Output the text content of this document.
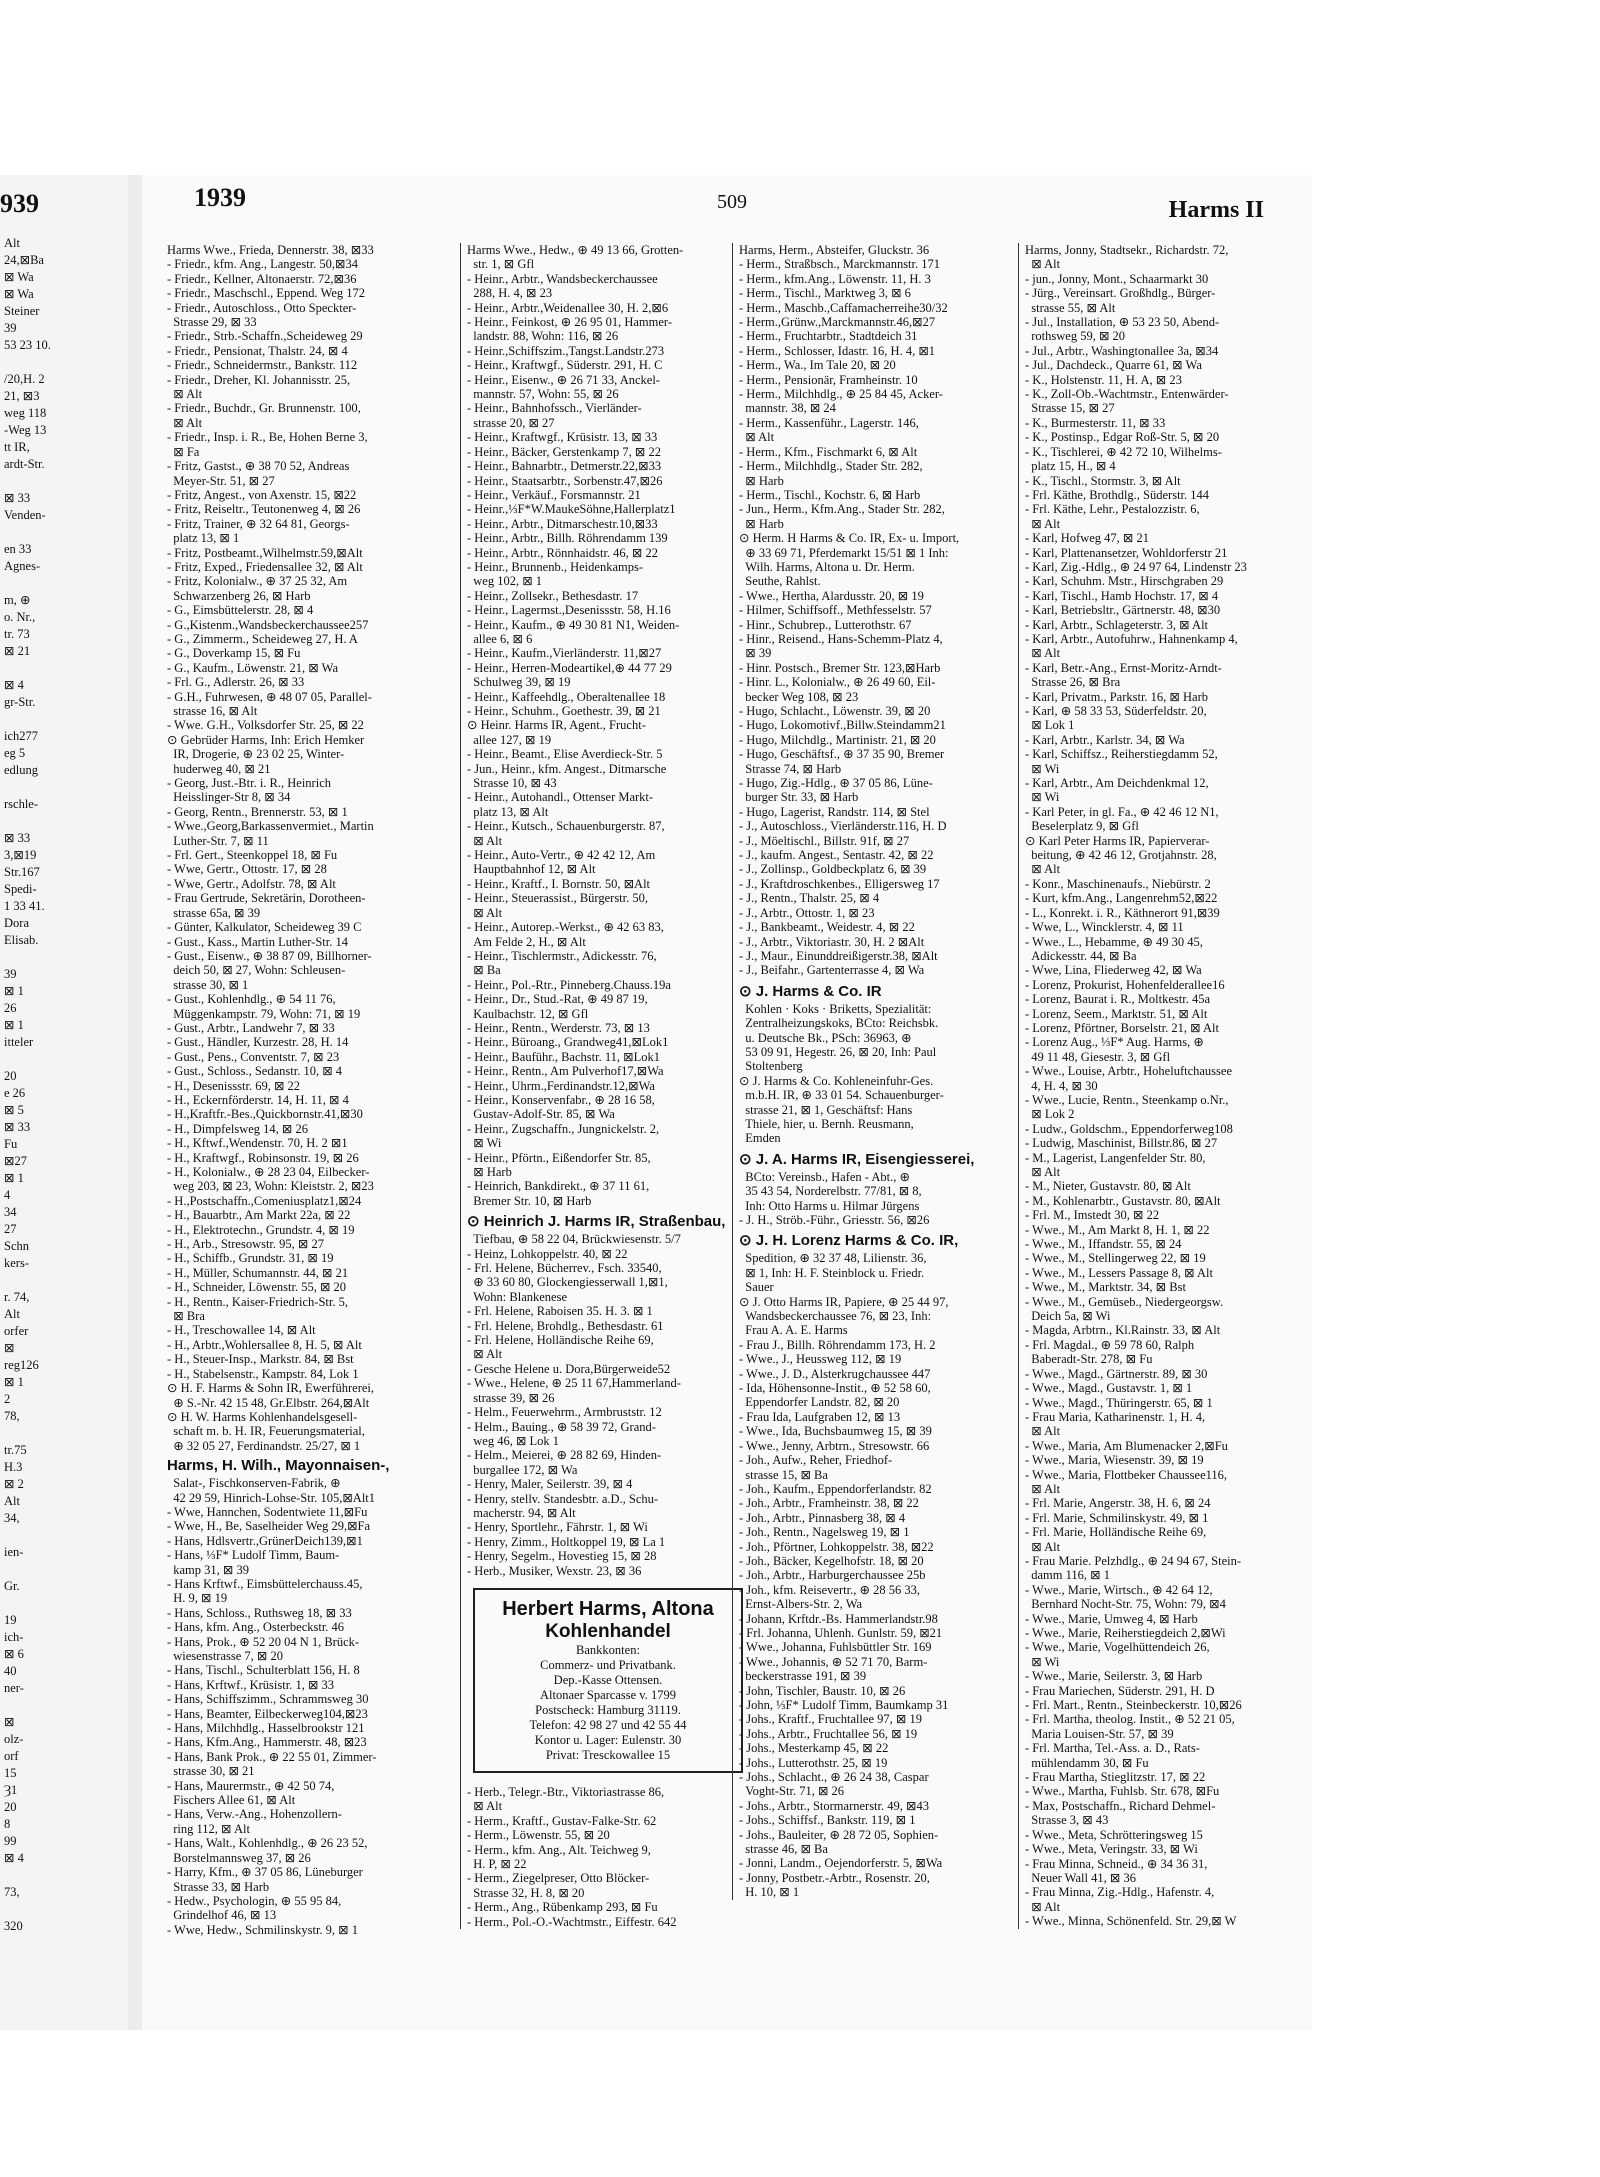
939
Alt
24,⊠Ba
⊠ Wa
⊠ Wa
Steiner
39
53 23 10.

/20,H. 2
21, ⊠3
weg 118
-Weg 13
tt IR,
ardt-Str.

⊠ 33
Venden-

en 33
Agnes-

m, ⊕
o. Nr.,
tr. 73
⊠ 21

⊠ 4
gr-Str.

ich277
eg 5
edlung

rschle-

⊠ 33
3,⊠19
Str.167
Spedi-
1 33 41.
Dora
Elisab.

39
⊠ 1
26
⊠ 1
itteler

20
e 26
⊠ 5
⊠ 33
Fu
⊠27
⊠ 1
4
34
27
Schn
kers-

r. 74,
Alt
orfer
⊠
reg126
⊠ 1
2
78,

tr.75
H.3
⊠ 2
Alt
34,

ien-

Gr.

19
ich-
⊠ 6
40
ner-

⊠
olz-
orf
15
Ȝ1
20
8
99
⊠ 4

73,

320
1939	509	Harms II
Harms Wwe., Frieda, Dennerstr. 38, ⊠33
- Friedr., kfm. Ang., Langestr. 50,⊠34
- Friedr., Kellner, Altonaerstr. 72,⊠36
- Friedr., Maschschl., Eppend. Weg 172
- Friedr., Autoschloss., Otto Speckter-
Strasse 29, ⊠ 33
- Friedr., Strb.-Schaffn.,Scheideweg 29
- Friedr., Pensionat, Thalstr. 24, ⊠ 4
- Friedr., Schneidermstr., Bankstr. 112
- Friedr., Dreher, Kl. Johannisstr. 25,
⊠ Alt
- Friedr., Buchdr., Gr. Brunnenstr. 100,
⊠ Alt
- Friedr., Insp. i. R., Be, Hohen Berne 3,
⊠ Fa
- Fritz, Gastst., ⊕ 38 70 52, Andreas
Meyer-Str. 51, ⊠ 27
- Fritz, Angest., von Axenstr. 15, ⊠22
- Fritz, Reiseltr., Teutonenweg 4, ⊠ 26
- Fritz, Trainer, ⊕ 32 64 81, Georgs-
platz 13, ⊠ 1
- Fritz, Postbeamt.,Wilhelmstr.59,⊠Alt
- Fritz, Exped., Friedensallee 32, ⊠ Alt
- Fritz, Kolonialw., ⊕ 37 25 32, Am
Schwarzenberg 26, ⊠ Harb
- G., Eimsbüttelerstr. 28, ⊠ 4
- G.,Kistenm.,Wandsbeckerchaussee257
- G., Zimmerm., Scheideweg 27, H. A
- G., Doverkamp 15, ⊠ Fu
- G., Kaufm., Löwenstr. 21, ⊠ Wa
- Frl. G., Adlerstr. 26, ⊠ 33
- G.H., Fuhrwesen, ⊕ 48 07 05, Parallel-
strasse 16, ⊠ Alt
- Wwe. G.H., Volksdorfer Str. 25, ⊠ 22
⊙ Gebrüder Harms, Inh: Erich Hemker
IR, Drogerie, ⊕ 23 02 25, Winter-
huderweg 40, ⊠ 21
- Georg, Just.-Btr. i. R., Heinrich
Heisslinger-Str 8, ⊠ 34
- Georg, Rentn., Brennerstr. 53, ⊠ 1
- Wwe.,Georg,Barkassenvermiet., Martin
Luther-Str. 7, ⊠ 11
- Frl. Gert., Steenkoppel 18, ⊠ Fu
- Wwe, Gertr., Ottostr. 17, ⊠ 28
- Wwe, Gertr., Adolfstr. 78, ⊠ Alt
- Frau Gertrude, Sekretärin, Dorotheen-
strasse 65a, ⊠ 39
- Günter, Kalkulator, Scheideweg 39 C
- Gust., Kass., Martin Luther-Str. 14
- Gust., Eisenw., ⊕ 38 87 09, Billhorner-
deich 50, ⊠ 27, Wohn: Schleusen-
strasse 30, ⊠ 1
- Gust., Kohlenhdlg., ⊕ 54 11 76,
Müggenkampstr. 79, Wohn: 71, ⊠ 19
- Gust., Arbtr., Landwehr 7, ⊠ 33
- Gust., Händler, Kurzestr. 28, H. 14
- Gust., Pens., Conventstr. 7, ⊠ 23
- Gust., Schloss., Sedanstr. 10, ⊠ 4
- H., Desenissstr. 69, ⊠ 22
- H., Eckernförderstr. 14, H. 11, ⊠ 4
- H.,Kraftfr.-Bes.,Quickbornstr.41,⊠30
- H., Dimpfelsweg 14, ⊠ 26
- H., Kftwf.,Wendenstr. 70, H. 2 ⊠1
- H., Kraftwgf., Robinsonstr. 19, ⊠ 26
- H., Kolonialw., ⊕ 28 23 04, Eilbecker-
weg 203, ⊠ 23, Wohn: Kleiststr. 2, ⊠23
- H.,Postschaffn.,Comeniusplatz1,⊠24
- H., Bauarbtr., Am Markt 22a, ⊠ 22
- H., Elektrotechn., Grundstr. 4, ⊠ 19
- H., Arb., Stresowstr. 95, ⊠ 27
- H., Schiffb., Grundstr. 31, ⊠ 19
- H., Müller, Schumannstr. 44, ⊠ 21
- H., Schneider, Löwenstr. 55, ⊠ 20
- H., Rentn., Kaiser-Friedrich-Str. 5,
⊠ Bra
- H., Treschowallee 14, ⊠ Alt
- H., Arbtr.,Wohlersallee 8, H. 5, ⊠ Alt
- H., Steuer-Insp., Markstr. 84, ⊠ Bst
- H., Stabelsenstr., Kampstr. 84, Lok 1
⊙ H. F. Harms & Sohn IR, Ewerführerei,
⊕ S.-Nr. 42 15 48, Gr.Elbstr. 264,⊠Alt
⊙ H. W. Harms Kohlenhandelsgesell-
schaft m. b. H. IR, Feuerungsmaterial,
⊕ 32 05 27, Ferdinandstr. 25/27, ⊠ 1
Harms, H. Wilh., Mayonnaisen-,
Salat-, Fischkonserven-Fabrik, ⊕
42 29 59, Hinrich-Lohse-Str. 105,⊠Alt1
- Wwe, Hannchen, Sodentwiete 11,⊠Fu
- Wwe, H., Be, Saselheider Weg 29,⊠Fa
- Hans, Hdlsvertr.,GrünerDeich139,⊠1
- Hans, ⅓F* Ludolf Timm, Baum-
kamp 31, ⊠ 39
- Hans Krftwf., Eimsbüttelerchauss.45,
H. 9, ⊠ 19
- Hans, Schloss., Ruthsweg 18, ⊠ 33
- Hans, kfm. Ang., Osterbeckstr. 46
- Hans, Prok., ⊕ 52 20 04 N 1, Brück-
wiesenstrasse 7, ⊠ 20
- Hans, Tischl., Schulterblatt 156, H. 8
- Hans, Krftwf., Krüsistr. 1, ⊠ 33
- Hans, Schiffszimm., Schrammsweg 30
- Hans, Beamter, Eilbeckerweg104,⊠23
- Hans, Milchhdlg., Hasselbrookstr 121
- Hans, Kfm.Ang., Hammerstr. 48, ⊠23
- Hans, Bank Prok., ⊕ 22 55 01, Zimmer-
strasse 30, ⊠ 21
- Hans, Maurermstr., ⊕ 42 50 74,
Fischers Allee 61, ⊠ Alt
- Hans, Verw.-Ang., Hohenzollern-
ring 112, ⊠ Alt
- Hans, Walt., Kohlenhdlg., ⊕ 26 23 52,
Borstelmannsweg 37, ⊠ 26
- Harry, Kfm., ⊕ 37 05 86, Lüneburger
Strasse 33, ⊠ Harb
- Hedw., Psychologin, ⊕ 55 95 84,
Grindelhof 46, ⊠ 13
- Wwe, Hedw., Schmilinskystr. 9, ⊠ 1
Harms Wwe., Hedw., ⊕ 49 13 66, Grotten-
str. 1, ⊠ Gfl
- Heinr., Arbtr., Wandsbeckerchaussee
288, H. 4, ⊠ 23
- Heinr., Arbtr.,Weidenallee 30, H. 2,⊠6
- Heinr., Feinkost, ⊕ 26 95 01, Hammer-
landstr. 88, Wohn: 116, ⊠ 26
- Heinr.,Schiffszim.,Tangst.Landstr.273
- Heinr., Kraftwgf., Süderstr. 291, H. C
- Heinr., Eisenw., ⊕ 26 71 33, Anckel-
mannstr. 57, Wohn: 55, ⊠ 26
- Heinr., Bahnhofssch., Vierländer-
strasse 20, ⊠ 27
- Heinr., Kraftwgf., Krüsistr. 13, ⊠ 33
- Heinr., Bäcker, Gerstenkamp 7, ⊠ 22
- Heinr., Bahnarbtr., Detmerstr.22,⊠33
- Heinr., Staatsarbtr., Sorbenstr.47,⊠26
- Heinr., Verkäuf., Forsmannstr. 21
- Heinr.,⅓F*W.MaukeSöhne,Hallerplatz1
- Heinr., Arbtr., Ditmarschestr.10,⊠33
- Heinr., Arbtr., Billh. Röhrendamm 139
- Heinr., Arbtr., Rönnhaidstr. 46, ⊠ 22
- Heinr., Brunnenb., Heidenkamps-
weg 102, ⊠ 1
- Heinr., Zollsekr., Bethesdastr. 17
- Heinr., Lagermst.,Desenissstr. 58, H.16
- Heinr., Kaufm., ⊕ 49 30 81 N1, Weiden-
allee 6, ⊠ 6
- Heinr., Kaufm.,Vierländerstr. 11,⊠27
- Heinr., Herren-Modeartikel,⊕ 44 77 29
Schulweg 39, ⊠ 19
- Heinr., Kaffeehdlg., Oberaltenallee 18
- Heinr., Schuhm., Goethestr. 39, ⊠ 21
⊙ Heinr. Harms IR, Agent., Frucht-
allee 127, ⊠ 19
- Heinr., Beamt., Elise Averdieck-Str. 5
- Jun., Heinr., kfm. Angest., Ditmarsche
Strasse 10, ⊠ 43
- Heinr., Autohandl., Ottenser Markt-
platz 13, ⊠ Alt
- Heinr., Kutsch., Schauenburgerstr. 87,
⊠ Alt
- Heinr., Auto-Vertr., ⊕ 42 42 12, Am
Hauptbahnhof 12, ⊠ Alt
- Heinr., Kraftf., I. Bornstr. 50, ⊠Alt
- Heinr., Steuerassist., Bürgerstr. 50,
⊠ Alt
- Heinr., Autorep.-Werkst., ⊕ 42 63 83,
Am Felde 2, H., ⊠ Alt
- Heinr., Tischlermstr., Adickesstr. 76,
⊠ Ba
- Heinr., Pol.-Rtr., Pinneberg.Chauss.19a
- Heinr., Dr., Stud.-Rat, ⊕ 49 87 19,
Kaulbachstr. 12, ⊠ Gfl
- Heinr., Rentn., Werderstr. 73, ⊠ 13
- Heinr., Bürοang., Grandweg41,⊠Lok1
- Heinr., Bauführ., Bachstr. 11, ⊠Lok1
- Heinr., Rentn., Am Pulverhof17,⊠Wa
- Heinr., Uhrm.,Ferdinandstr.12,⊠Wa
- Heinr., Konservenfabr., ⊕ 28 16 58,
Gustav-Adolf-Str. 85, ⊠ Wa
- Heinr., Zugschaffn., Jungnickelstr. 2,
⊠ Wi
- Heinr., Pförtn., Eißendorfer Str. 85,
⊠ Harb
- Heinrich, Bankdirekt., ⊕ 37 11 61,
Bremer Str. 10, ⊠ Harb
⊙ Heinrich J. Harms IR, Straßenbau,
Tiefbau, ⊕ 58 22 04, Brückwiesenstr. 5/7
- Heinz, Lohkoppelstr. 40, ⊠ 22
- Frl. Helene, Bücherrev., Fsch. 33540,
⊕ 33 60 80, Glockengiesserwall 1,⊠1,
Wohn: Blankenese
- Frl. Helene, Raboisen 35. H. 3. ⊠ 1
- Frl. Helene, Brohdlg., Bethesdastr. 61
- Frl. Helene, Holländische Reihe 69,
⊠ Alt
- Gesche Helene u. Dora,Bürgerweide52
- Wwe., Helene, ⊕ 25 11 67,Hammerland-
strasse 39, ⊠ 26
- Helm., Feuerwehrm., Armbruststr. 12
- Helm., Bauing., ⊕ 58 39 72, Grand-
weg 46, ⊠ Lok 1
- Helm., Meierei, ⊕ 28 82 69, Hinden-
burgallee 172, ⊠ Wa
- Henry, Maler, Seilerstr. 39, ⊠ 4
- Henry, stellv. Standesbtr. a.D., Schu-
macherstr. 94, ⊠ Alt
- Henry, Sportlehr., Fährstr. 1, ⊠ Wi
- Henry, Zimm., Holtkoppel 19, ⊠ La 1
- Henry, Segelm., Hovestieg 15, ⊠ 28
- Herb., Musiker, Wexstr. 23, ⊠ 36
Herbert Harms, Altona
Kohlenhandel
Bankkonten:
Commerz- und Privatbank.
Dep.-Kasse Ottensen.
Altonaer Sparcasse v. 1799
Postscheck: Hamburg 31119.
Telefon: 42 98 27 und 42 55 44
Kontor u. Lager: Eulenstr. 30
Privat: Tresckowallee 15
- Herb., Telegr.-Btr., Viktoriastrasse 86,
⊠ Alt
- Herm., Kraftf., Gustav-Falke-Str. 62
- Herm., Löwenstr. 55, ⊠ 20
- Herm., kfm. Ang., Alt. Teichweg 9,
H. P, ⊠ 22
- Herm., Ziegelpreser, Otto Blöcker-
Strasse 32, H. 8, ⊠ 20
- Herm., Ang., Rübenkamp 293, ⊠ Fu
- Herm., Pol.-O.-Wachtmstr., Eiffestr. 642
Harms, Herm., Absteifer, Gluckstr. 36
- Herm., Straßbsch., Marckmannstr. 171
- Herm., kfm.Ang., Löwenstr. 11, H. 3
- Herm., Tischl., Marktweg 3, ⊠ 6
- Herm., Maschb.,Caffamacherreihe30/32
- Herm.,Grünw.,Marckmannstr.46,⊠27
- Herm., Fruchtarbtr., Stadtdeich 31
- Herm., Schlosser, Idastr. 16, H. 4, ⊠1
- Herm., Wa., Im Tale 20, ⊠ 20
- Herm., Pensionär, Framheinstr. 10
- Herm., Milchhdlg., ⊕ 25 84 45, Acker-
mannstr. 38, ⊠ 24
- Herm., Kassenführ., Lagerstr. 146,
⊠ Alt
- Herm., Kfm., Fischmarkt 6, ⊠ Alt
- Herm., Milchhdlg., Stader Str. 282,
⊠ Harb
- Herm., Tischl., Kochstr. 6, ⊠ Harb
- Jun., Herm., Kfm.Ang., Stader Str. 282,
⊠ Harb
⊙ Herm. H Harms & Co. IR, Ex- u. Import,
⊕ 33 69 71, Pferdemarkt 15/51 ⊠ 1 Inh:
Wilh. Harms, Altona u. Dr. Herm.
Seuthe, Rahlst.
- Wwe., Hertha, Alardusstr. 20, ⊠ 19
- Hilmer, Schiffsoff., Methfesselstr. 57
- Hinr., Schubrep., Lutterothstr. 67
- Hinr., Reisend., Hans-Schemm-Platz 4,
⊠ 39
- Hinr. Postsch., Bremer Str. 123,⊠Harb
- Hinr. L., Kolonialw., ⊕ 26 49 60, Eil-
becker Weg 108, ⊠ 23
- Hugo, Schlacht., Löwenstr. 39, ⊠ 20
- Hugo, Lokomotivf.,Billw.Steindamm21
- Hugo, Milchdlg., Martinistr. 21, ⊠ 20
- Hugo, Geschäftsf., ⊕ 37 35 90, Bremer
Strasse 74, ⊠ Harb
- Hugo, Zig.-Hdlg., ⊕ 37 05 86, Lüne-
burger Str. 33, ⊠ Harb
- Hugo, Lagerist, Randstr. 114, ⊠ Stel
- J., Autoschloss., Vierländerstr.116, H. D
- J., Möeltischl., Billstr. 91f, ⊠ 27
- J., kaufm. Angest., Sentastr. 42, ⊠ 22
- J., Zollinsp., Goldbeckplatz 6, ⊠ 39
- J., Kraftdroschkenbes., Elligersweg 17
- J., Rentn., Thalstr. 25, ⊠ 4
- J., Arbtr., Ottostr. 1, ⊠ 23
- J., Bankbeamt., Weidestr. 4, ⊠ 22
- J., Arbtr., Viktoriastr. 30, H. 2 ⊠Alt
- J., Maur., Einunddreißigerstr.38, ⊠Alt
- J., Beifahr., Gartenterrasse 4, ⊠ Wa
⊙ J. Harms & Co. IR
Kohlen · Koks · Briketts, Spezialität:
Zentralheizungskoks, BCto: Reichsbk.
u. Deutsche Bk., PSch: 36963, ⊕
53 09 91, Hegestr. 26, ⊠ 20, Inh: Paul
Stoltenberg
⊙ J. Harms & Co. Kohleneinfuhr-Ges.
m.b.H. IR, ⊕ 33 01 54. Schauenburger-
strasse 21, ⊠ 1, Geschäftsf: Hans
Thiele, hier, u. Bernh. Reusmann,
Emden
⊙ J. A. Harms IR, Eisengiesserei,
BCto: Vereinsb., Hafen - Abt., ⊕
35 43 54, Norderelbstr. 77/81, ⊠ 8,
Inh: Otto Harms u. Hilmar Jürgens
- J. H., Ströb.-Führ., Griesstr. 56, ⊠26
⊙ J. H. Lorenz Harms & Co. IR,
Spedition, ⊕ 32 37 48, Lilienstr. 36,
⊠ 1, Inh: H. F. Steinblock u. Friedr.
Sauer
⊙ J. Otto Harms IR, Papiere, ⊕ 25 44 97,
Wandsbeckerchaussee 76, ⊠ 23, Inh:
Frau A. A. E. Harms
- Frau J., Billh. Röhrendamm 173, H. 2
- Wwe., J., Heussweg 112, ⊠ 19
- Wwe., J. D., Alsterkrugchaussee 447
- Ida, Höhensonne-Instit., ⊕ 52 58 60,
Eppendorfer Landstr. 82, ⊠ 20
- Frau Ida, Laufgraben 12, ⊠ 13
- Wwe., Ida, Buchsbaumweg 15, ⊠ 39
- Wwe., Jenny, Arbtrn., Stresowstr. 66
- Joh., Aufw., Reher, Friedhof-
strasse 15, ⊠ Ba
- Joh., Kaufm., Eppendorferlandstr. 82
- Joh., Arbtr., Framheinstr. 38, ⊠ 22
- Joh., Arbtr., Pinnasberg 38, ⊠ 4
- Joh., Rentn., Nagelsweg 19, ⊠ 1
- Joh., Pförtner, Lohkoppelstr. 38, ⊠22
- Joh., Bäcker, Kegelhofstr. 18, ⊠ 20
- Joh., Arbtr., Harburgerchaussee 25b
- Joh., kfm. Reisevertr., ⊕ 28 56 33,
Ernst-Albers-Str. 2, Wa
- Johann, Krftdr.-Bs. Hammerlandstr.98
- Frl. Johanna, Uhlenh. Gunlstr. 59, ⊠21
- Wwe., Johanna, Fuhlsbüttler Str. 169
- Wwe., Johannis, ⊕ 52 71 70, Barm-
beckerstrasse 191, ⊠ 39
- John, Tischler, Baustr. 10, ⊠ 26
- John, ⅓F* Ludolf Timm, Baumkamp 31
- Johs., Kraftf., Fruchtallee 97, ⊠ 19
- Johs., Arbtr., Fruchtallee 56, ⊠ 19
- Johs., Mesterkamp 45, ⊠ 22
- Johs., Lutterothstr. 25, ⊠ 19
- Johs., Schlacht., ⊕ 26 24 38, Caspar
Voght-Str. 71, ⊠ 26
- Johs., Arbtr., Stormarnerstr. 49, ⊠43
- Johs., Schiffsf., Bankstr. 119, ⊠ 1
- Johs., Bauleiter, ⊕ 28 72 05, Sophien-
strasse 46, ⊠ Ba
- Jonni, Landm., Oejendorferstr. 5, ⊠Wa
- Jonny, Postbetr.-Arbtr., Rosenstr. 20,
H. 10, ⊠ 1
Harms, Jonny, Stadtsekr., Richardstr. 72,
⊠ Alt
- jun., Jonny, Mont., Schaarmarkt 30
- Jürg., Vereinsart. Großhdlg., Bürger-
strasse 55, ⊠ Alt
- Jul., Installation, ⊕ 53 23 50, Abend-
rothsweg 59, ⊠ 20
- Jul., Arbtr., Washingtonallee 3a, ⊠34
- Jul., Dachdeck., Quarre 61, ⊠ Wa
- K., Holstenstr. 11, H. A, ⊠ 23
- K., Zoll-Ob.-Wachtmstr., Entenwärder-
Strasse 15, ⊠ 27
- K., Burmesterstr. 11, ⊠ 33
- K., Postinsp., Edgar Roß-Str. 5, ⊠ 20
- K., Tischlerei, ⊕ 42 72 10, Wilhelms-
platz 15, H., ⊠ 4
- K., Tischl., Stormstr. 3, ⊠ Alt
- Frl. Käthe, Brothdlg., Süderstr. 144
- Frl. Käthe, Lehr., Pestalozzistr. 6,
⊠ Alt
- Karl, Hofweg 47, ⊠ 21
- Karl, Plattenansetzer, Wohldorferstr 21
- Karl, Zig.-Hdlg., ⊕ 24 97 64, Lindenstr 23
- Karl, Schuhm. Mstr., Hirschgraben 29
- Karl, Tischl., Hamb Hochstr. 17, ⊠ 4
- Karl, Betriebsltr., Gärtnerstr. 48, ⊠30
- Karl, Arbtr., Schlageterstr. 3, ⊠ Alt
- Karl, Arbtr., Autofuhrw., Hahnenkamp 4,
⊠ Alt
- Karl, Betr.-Ang., Ernst-Moritz-Arndt-
Strasse 26, ⊠ Bra
- Karl, Privatm., Parkstr. 16, ⊠ Harb
- Karl, ⊕ 58 33 53, Süderfeldstr. 20,
⊠ Lok 1
- Karl, Arbtr., Karlstr. 34, ⊠ Wa
- Karl, Schiffsz., Reiherstiegdamm 52,
⊠ Wi
- Karl, Arbtr., Am Deichdenkmal 12,
⊠ Wi
- Karl Peter, in gl. Fa., ⊕ 42 46 12 N1,
Beselerplatz 9, ⊠ Gfl
⊙ Karl Peter Harms IR, Papierverar-
beitung, ⊕ 42 46 12, Grotjahnstr. 28,
⊠ Alt
- Konr., Maschinenaufs., Niebürstr. 2
- Kurt, kfm.Ang., Langenrehm52,⊠22
- L., Konrekt. i. R., Käthnerort 91,⊠39
- Wwe, L., Wincklerstr. 4, ⊠ 11
- Wwe., L., Hebamme, ⊕ 49 30 45,
Adickesstr. 44, ⊠ Ba
- Wwe, Lina, Fliederweg 42, ⊠ Wa
- Lorenz, Prokurist, Hohenfelderallee16
- Lorenz, Baurat i. R., Moltkestr. 45a
- Lorenz, Seem., Marktstr. 51, ⊠ Alt
- Lorenz, Pförtner, Borselstr. 21, ⊠ Alt
- Lorenz Aug., ⅓F* Aug. Harms, ⊕
49 11 48, Giesestr. 3, ⊠ Gfl
- Wwe., Louise, Arbtr., Hoheluftchaussee
4, H. 4, ⊠ 30
- Wwe., Lucie, Rentn., Steenkamp o.Nr.,
⊠ Lok 2
- Ludw., Goldschm., Eppendorferweg108
- Ludwig, Maschinist, Billstr.86, ⊠ 27
- M., Lagerist, Langenfelder Str. 80,
⊠ Alt
- M., Nieter, Gustavstr. 80, ⊠ Alt
- M., Kohlenarbtr., Gustavstr. 80, ⊠Alt
- Frl. M., Imstedt 30, ⊠ 22
- Wwe., M., Am Markt 8, H. 1, ⊠ 22
- Wwe., M., Iffandstr. 55, ⊠ 24
- Wwe., M., Stellingerweg 22, ⊠ 19
- Wwe., M., Lessers Passage 8, ⊠ Alt
- Wwe., M., Marktstr. 34, ⊠ Bst
- Wwe., M., Gemüseb., Niedergeorgsw.
Deich 5a, ⊠ Wi
- Magda, Arbtrn., Kl.Rainstr. 33, ⊠ Alt
- Frl. Magdal., ⊕ 59 78 60, Ralph
Baberadt-Str. 278, ⊠ Fu
- Wwe., Magd., Gärtnerstr. 89, ⊠ 30
- Wwe., Magd., Gustavstr. 1, ⊠ 1
- Wwe., Magd., Thüringerstr. 65, ⊠ 1
- Frau Maria, Katharinenstr. 1, H. 4,
⊠ Alt
- Wwe., Maria, Am Blumenacker 2,⊠Fu
- Wwe., Maria, Wiesenstr. 39, ⊠ 19
- Wwe., Maria, Flottbeker Chaussee116,
⊠ Alt
- Frl. Marie, Angerstr. 38, H. 6, ⊠ 24
- Frl. Marie, Schmilinskystr. 49, ⊠ 1
- Frl. Marie, Holländische Reihe 69,
⊠ Alt
- Frau Marie. Pelzhdlg., ⊕ 24 94 67, Stein-
damm 116, ⊠ 1
- Wwe., Marie, Wirtsch., ⊕ 42 64 12,
Bernhard Nocht-Str. 75, Wohn: 79, ⊠4
- Wwe., Marie, Umweg 4, ⊠ Harb
- Wwe., Marie, Reiherstiegdeich 2,⊠Wi
- Wwe., Marie, Vogelhüttendeich 26,
⊠ Wi
- Wwe., Marie, Seilerstr. 3, ⊠ Harb
- Frau Mariechen, Süderstr. 291, H. D
- Frl. Mart., Rentn., Steinbeckerstr. 10,⊠26
- Frl. Martha, theolog. Instit., ⊕ 52 21 05,
Maria Louisen-Str. 57, ⊠ 39
- Frl. Martha, Tel.-Ass. a. D., Rats-
mühlendamm 30, ⊠ Fu
- Frau Martha, Stieglitzstr. 17, ⊠ 22
- Wwe., Martha, Fuhlsb. Str. 678, ⊠Fu
- Max, Postschaffn., Richard Dehmel-
Strasse 3, ⊠ 43
- Wwe., Meta, Schrötteringsweg 15
- Wwe., Meta, Veringstr. 33, ⊠ Wi
- Frau Minna, Schneid., ⊕ 34 36 31,
Neuer Wall 41, ⊠ 36
- Frau Minna, Zig.-Hdlg., Hafenstr. 4,
⊠ Alt
- Wwe., Minna, Schönenfeld. Str. 29,⊠ W
